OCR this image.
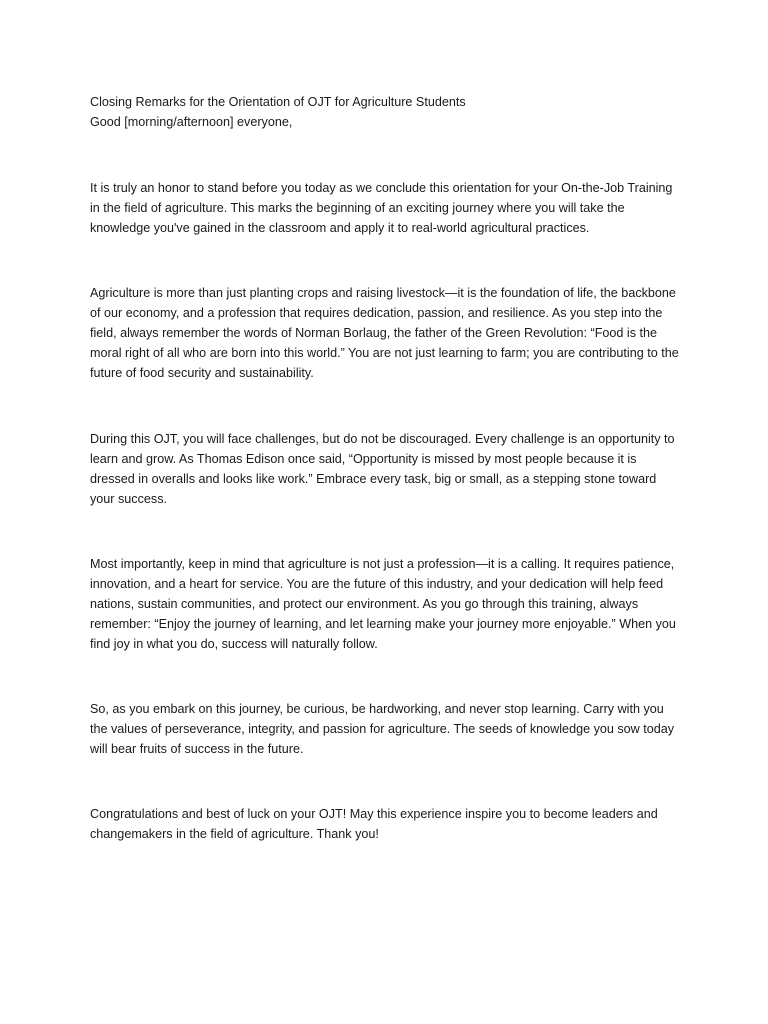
Closing Remarks for the Orientation of OJT for Agriculture Students

Good [morning/afternoon] everyone,

It is truly an honor to stand before you today as we conclude this orientation for your On-the-Job Training in the field of agriculture. This marks the beginning of an exciting journey where you will take the knowledge you've gained in the classroom and apply it to real-world agricultural practices.

Agriculture is more than just planting crops and raising livestock—it is the foundation of life, the backbone of our economy, and a profession that requires dedication, passion, and resilience. As you step into the field, always remember the words of Norman Borlaug, the father of the Green Revolution: “Food is the moral right of all who are born into this world.” You are not just learning to farm; you are contributing to the future of food security and sustainability.

During this OJT, you will face challenges, but do not be discouraged. Every challenge is an opportunity to learn and grow. As Thomas Edison once said, “Opportunity is missed by most people because it is dressed in overalls and looks like work.” Embrace every task, big or small, as a stepping stone toward your success.

Most importantly, keep in mind that agriculture is not just a profession—it is a calling. It requires patience, innovation, and a heart for service. You are the future of this industry, and your dedication will help feed nations, sustain communities, and protect our environment. As you go through this training, always remember: “Enjoy the journey of learning, and let learning make your journey more enjoyable.” When you find joy in what you do, success will naturally follow.

So, as you embark on this journey, be curious, be hardworking, and never stop learning. Carry with you the values of perseverance, integrity, and passion for agriculture. The seeds of knowledge you sow today will bear fruits of success in the future.

Congratulations and best of luck on your OJT! May this experience inspire you to become leaders and changemakers in the field of agriculture. Thank you!
